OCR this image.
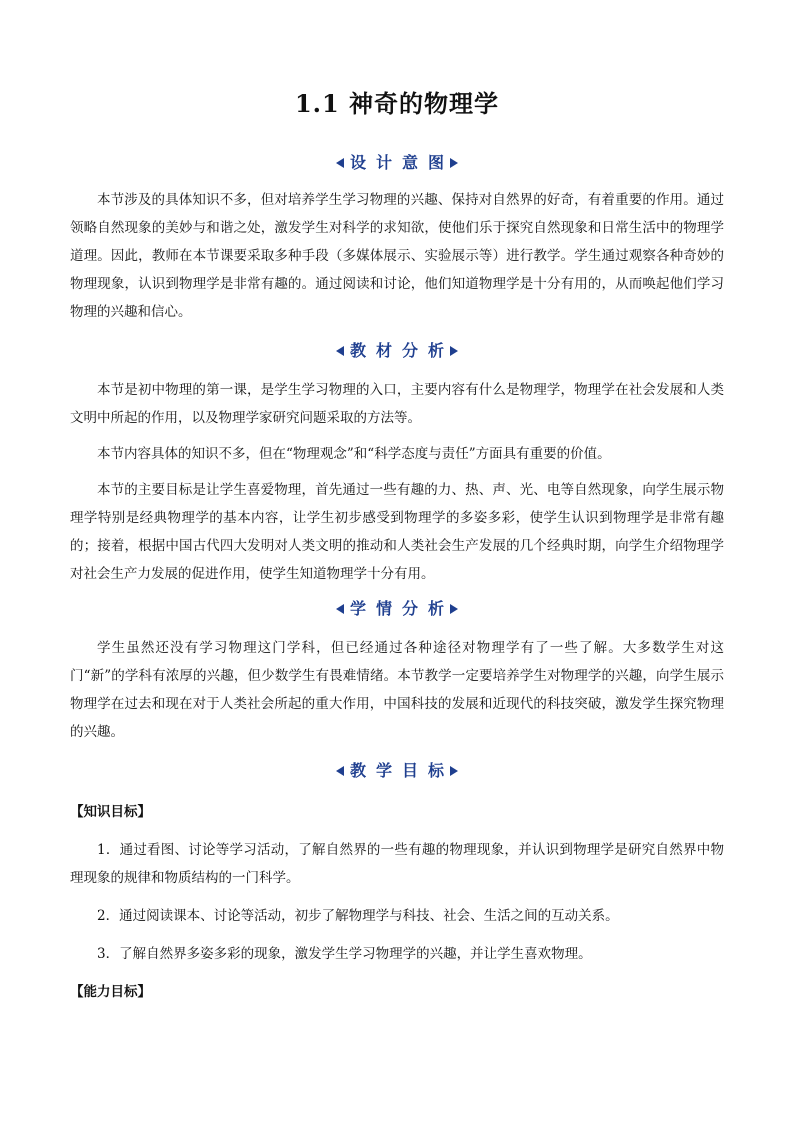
1.1 神奇的物理学
设计意图
本节涉及的具体知识不多，但对培养学生学习物理的兴趣、保持对自然界的好奇，有着重要的作用。通过领略自然现象的美妙与和谐之处，激发学生对科学的求知欲，使他们乐于探究自然现象和日常生活中的物理学道理。因此，教师在本节课要采取多种手段（多媒体展示、实验展示等）进行教学。学生通过观察各种奇妙的物理现象，认识到物理学是非常有趣的。通过阅读和讨论，他们知道物理学是十分有用的，从而唤起他们学习物理的兴趣和信心。
教材分析
本节是初中物理的第一课，是学生学习物理的入口，主要内容有什么是物理学，物理学在社会发展和人类文明中所起的作用，以及物理学家研究问题采取的方法等。
本节内容具体的知识不多，但在“物理观念”和“科学态度与责任”方面具有重要的价值。
本节的主要目标是让学生喜爱物理，首先通过一些有趣的力、热、声、光、电等自然现象，向学生展示物理学特别是经典物理学的基本内容，让学生初步感受到物理学的多姿多彩，使学生认识到物理学是非常有趣的；接着，根据中国古代四大发明对人类文明的推动和人类社会生产发展的几个经典时期，向学生介绍物理学对社会生产力发展的促进作用，使学生知道物理学十分有用。
学情分析
学生虽然还没有学习物理这门学科，但已经通过各种途径对物理学有了一些了解。大多数学生对这门“新”的学科有浓厚的兴趣，但少数学生有畏难情绪。本节教学一定要培养学生对物理学的兴趣，向学生展示物理学在过去和现在对于人类社会所起的重大作用，中国科技的发展和近现代的科技突破，激发学生探究物理的兴趣。
教学目标
【知识目标】
1．通过看图、讨论等学习活动，了解自然界的一些有趣的物理现象，并认识到物理学是研究自然界中物理现象的规律和物质结构的一门科学。
2．通过阅读课本、讨论等活动，初步了解物理学与科技、社会、生活之间的互动关系。
3．了解自然界多姿多彩的现象，激发学生学习物理学的兴趣，并让学生喜欢物理。
【能力目标】
